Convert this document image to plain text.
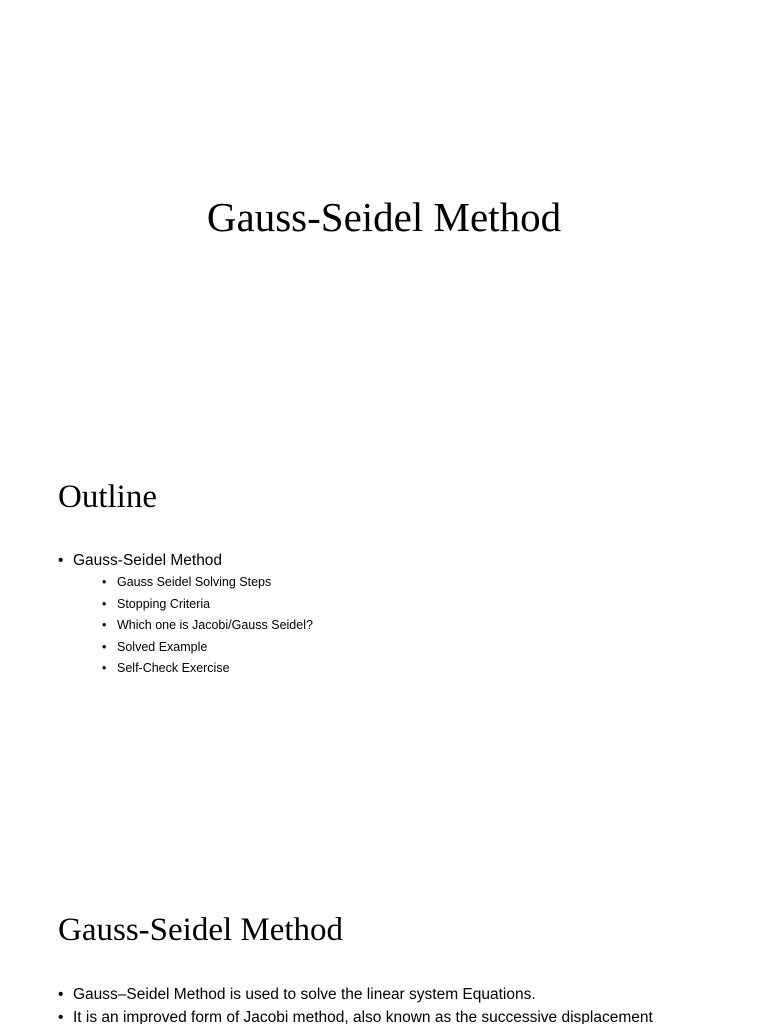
Gauss-Seidel Method
Outline
• Gauss-Seidel Method
• Gauss Seidel Solving Steps
• Stopping Criteria
• Which one is Jacobi/Gauss Seidel?
• Solved Example
• Self-Check Exercise
Gauss-Seidel Method
• Gauss–Seidel Method is used to solve the linear system Equations.
• It is an improved form of Jacobi method, also known as the successive displacement
